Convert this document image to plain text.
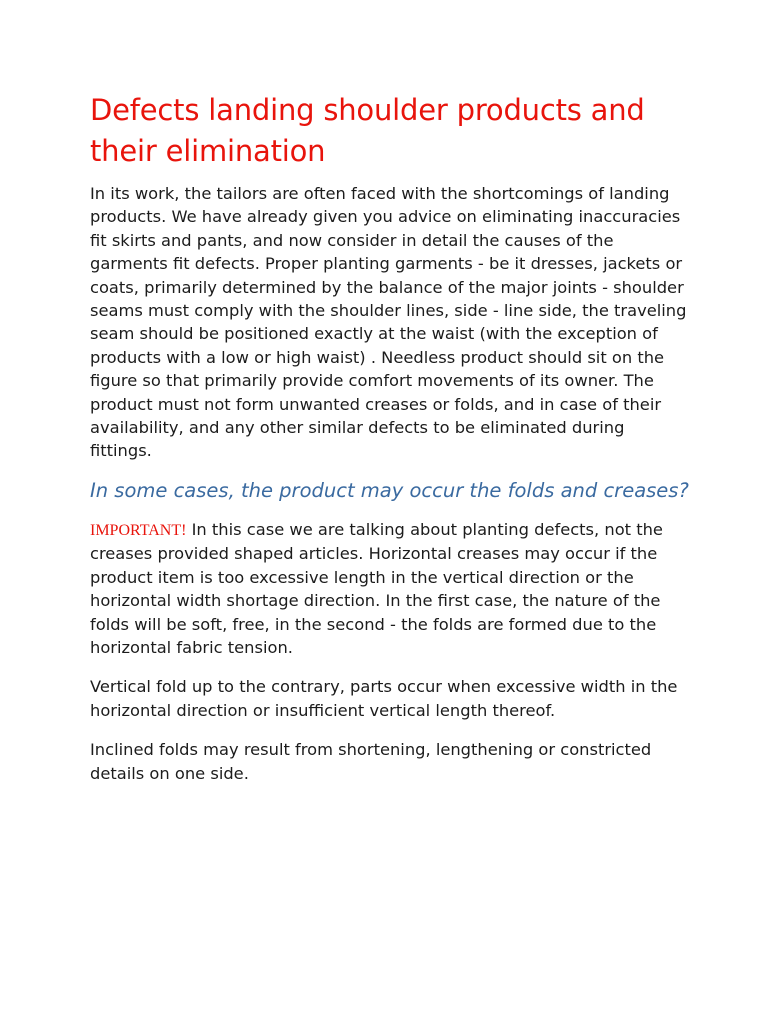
Defects landing shoulder products and their elimination

In its work, the tailors are often faced with the shortcomings of landing products. We have already given you advice on eliminating inaccuracies fit skirts and pants, and now consider in detail the causes of the garments fit defects. Proper planting garments - be it dresses, jackets or coats, primarily determined by the balance of the major joints - shoulder seams must comply with the shoulder lines, side - line side, the traveling seam should be positioned exactly at the waist (with the exception of products with a low or high waist) . Needless product should sit on the figure so that primarily provide comfort movements of its owner. The product must not form unwanted creases or folds, and in case of their availability, and any other similar defects to be eliminated during fittings.

In some cases, the product may occur the folds and creases?

IMPORTANT! In this case we are talking about planting defects, not the creases provided shaped articles. Horizontal creases may occur if the product item is too excessive length in the vertical direction or the horizontal width shortage direction. In the first case, the nature of the folds will be soft, free, in the second - the folds are formed due to the horizontal fabric tension.

Vertical fold up to the contrary, parts occur when excessive width in the horizontal direction or insufficient vertical length thereof.

Inclined folds may result from shortening, lengthening or constricted details on one side.
